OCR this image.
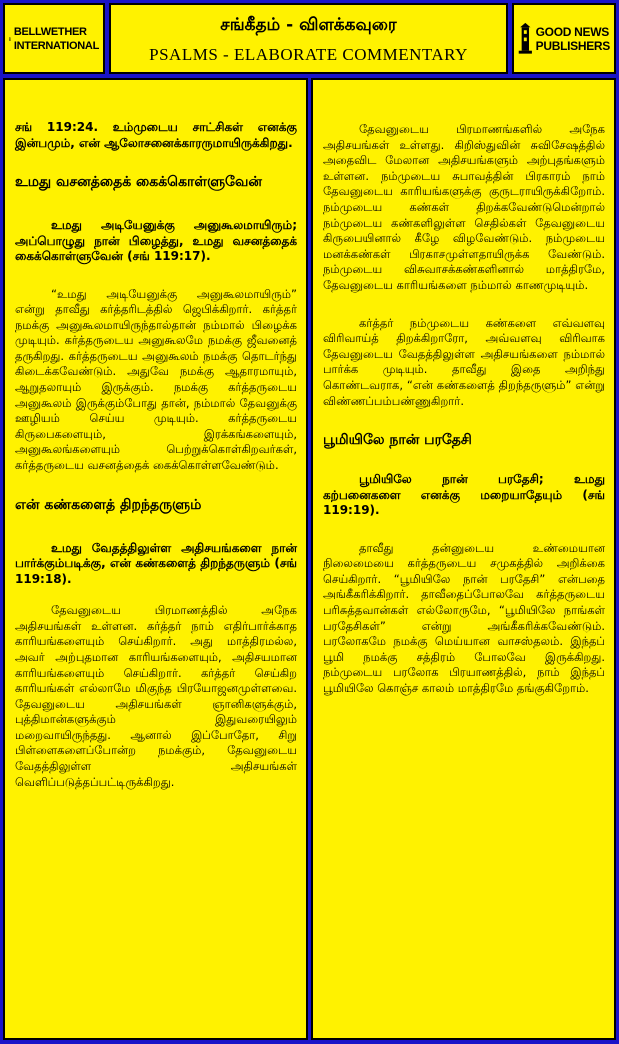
BELLWETHER
INTERNATIONAL
சங்கீதம் - விளக்கவுரை
PSALMS - ELABORATE COMMENTARY
GOOD NEWS
PUBLISHERS

சங் 119:24. உம்முடைய சாட்சிகள் எனக்கு இன்பமும், என் ஆலோசனைக்காரருமாயிருக்கிறது.

உமது வசனத்தைக் கைக்கொள்ளுவேன்

உமது அடியேனுக்கு அனுகூலமாயிரும்; அப்பொழுது நான் பிழைத்து, உமது வசனத்தைக் கைக்கொள்ளுவேன் (சங் 119:17).

“உமது அடியேனுக்கு அனுகூலமாயிரும்” என்று தாவீது கர்த்தரிடத்தில் ஜெபிக்கிறார். கர்த்தர் நமக்கு அனுகூலமாயிருந்தால்தான் நம்மால் பிழைக்க முடியும். கர்த்தருடைய அனுகூலமே நமக்கு ஜீவனைத் தருகிறது. கர்த்தருடைய அனுகூலம் நமக்கு தொடர்ந்து கிடைக்கவேண்டும். அதுவே நமக்கு ஆதாரமாயும், ஆறுதலாயும் இருக்கும். நமக்கு கர்த்தருடைய அனுகூலம் இருக்கும்போது தான், நம்மால் தேவனுக்கு ஊழியம் செய்ய முடியும். கர்த்தருடைய கிருபைகளையும், இரக்கங்களையும், அனுகூலங்களையும் பெற்றுக்கொள்கிறவர்கள், கர்த்தருடைய வசனத்தைக் கைக்கொள்ளவேண்டும்.

என் கண்களைத் திறந்தருளும்

உமது வேதத்திலுள்ள அதிசயங்களை நான் பார்க்கும்படிக்கு, என் கண்களைத் திறந்தருளும் (சங் 119:18).

தேவனுடைய பிரமாணத்தில் அநேக அதிசயங்கள் உள்ளன. கர்த்தர் நாம் எதிர்பார்க்காத காரியங்களையும் செய்கிறார். அது மாத்திரமல்ல, அவர் அற்புதமான காரியங்களையும், அதிசயமான காரியங்களையும் செய்கிறார். கர்த்தர் செய்கிற காரியங்கள் எல்லாமே மிகுந்த பிரயோஜனமுள்ளவை. தேவனுடைய அதிசயங்கள் ஞானிகளுக்கும், புத்திமான்களுக்கும் இதுவரையிலும் மறைவாயிருந்தது. ஆனால் இப்போதோ, சிறு பிள்ளைகளைப்போன்ற நமக்கும், தேவனுடைய வேதத்திலுள்ள அதிசயங்கள் வெளிப்படுத்தப்பட்டிருக்கிறது.

தேவனுடைய பிரமாணங்களில் அநேக அதிசயங்கள் உள்ளது. கிறிஸ்துவின் சுவிசேஷத்தில் அதைவிட மேலான அதிசயங்களும் அற்புதங்களும் உள்ளன. நம்முடைய சுபாவத்தின் பிரகாரம் நாம் தேவனுடைய காரியங்களுக்கு குருடராயிருக்கிறோம். நம்முடைய கண்கள் திறக்கவேண்டுமென்றால் நம்முடைய கண்களிலுள்ள செதில்கள் தேவனுடைய கிருபையினால் கீழே விழவேண்டும். நம்முடைய மனக்கண்கள் பிரகாசமுள்ளதாயிருக்க வேண்டும். நம்முடைய விசுவாசக்கண்களினால் மாத்திரமே, தேவனுடைய காரியங்களை நம்மால் காணமுடியும்.

கர்த்தர் நம்முடைய கண்களை எவ்வளவு விரிவாய்த் திறக்கிறாரோ, அவ்வளவு விரிவாக தேவனுடைய வேதத்திலுள்ள அதிசயங்களை நம்மால் பார்க்க முடியும். தாவீது இதை அறிந்து கொண்டவராக, “என் கண்களைத் திறந்தருளும்” என்று விண்ணப்பம்பண்ணுகிறார்.

பூமியிலே நான் பரதேசி

பூமியிலே நான் பரதேசி; உமது கற்பனைகளை எனக்கு மறையாதேயும் (சங் 119:19).

தாவீது தன்னுடைய உண்மையான நிலைமையை கர்த்தருடைய சமுகத்தில் அறிக்கை செய்கிறார். “பூமியிலே நான் பரதேசி” என்பதை அங்கீகரிக்கிறார். தாவீதைப்போலவே கர்த்தருடைய பரிசுத்தவான்கள் எல்லோருமே, “பூமியிலே நாங்கள் பரதேசிகள்” என்று அங்கீகரிக்கவேண்டும். பரலோகமே நமக்கு மெய்யான வாசஸ்தலம். இந்தப் பூமி நமக்கு சத்திரம் போலவே இருக்கிறது. நம்முடைய பரலோக பிரயாணத்தில், நாம் இந்தப் பூமியிலே கொஞ்ச காலம் மாத்திரமே தங்குகிறோம்.
